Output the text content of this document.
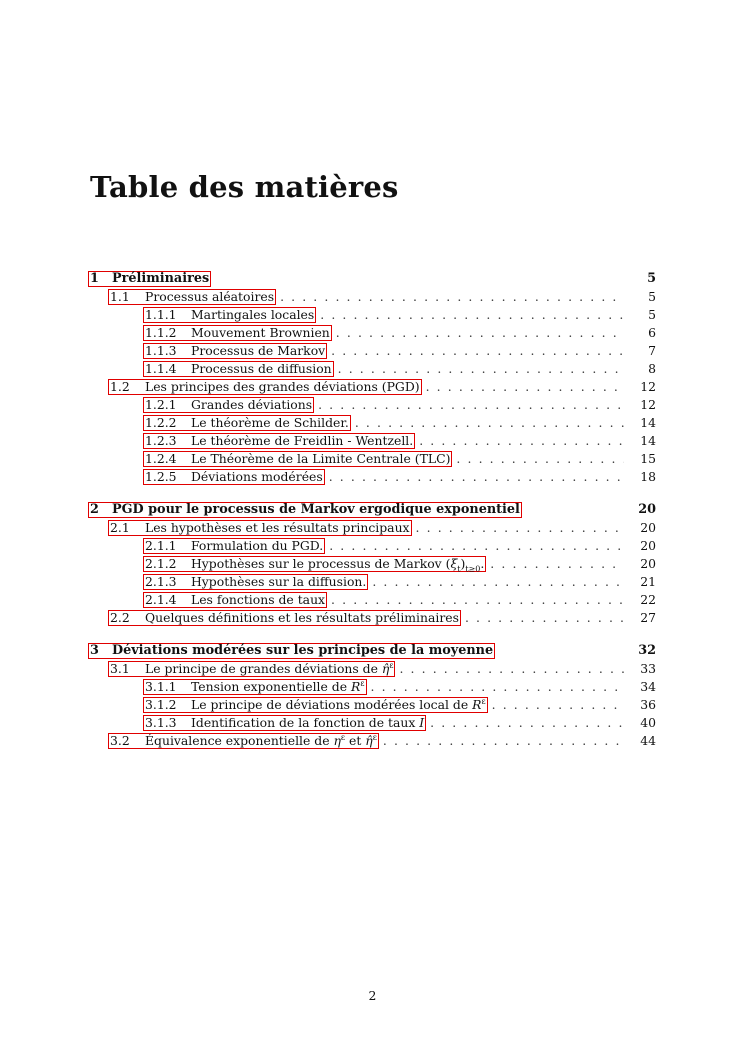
Table des matières
1	Préliminaires	5
1.1	Processus aléatoires . . .	5
1.1.1	Martingales locales . . .	5
1.1.2	Mouvement Brownien . . .	6
1.1.3	Processus de Markov . . .	7
1.1.4	Processus de diffusion . . .	8
1.2	Les principes des grandes déviations (PGD) . . .	12
1.2.1	Grandes déviations . . .	12
1.2.2	Le théorème de Schilder. . . .	14
1.2.3	Le théorème de Freidlin - Wentzell. . . .	14
1.2.4	Le Théorème de la Limite Centrale (TLC) . . .	15
1.2.5	Déviations modérées . . .	18
2	PGD pour le processus de Markov ergodique exponentiel	20
2.1	Les hypothèses et les résultats principaux . . .	20
2.1.1	Formulation du PGD. . . .	20
2.1.2	Hypothèses sur le processus de Markov $(\xi_t)_{t\ge 0}$. . . .	20
2.1.3	Hypothèses sur la diffusion. . . .	21
2.1.4	Les fonctions de taux . . .	22
2.2	Quelques définitions et les résultats préliminaires . . .	27
3	Déviations modérées sur les principes de la moyenne	32
3.1	Le principe de grandes déviations de η̂$^\varepsilon$ . . .	33
3.1.1	Tension exponentielle de $R^\varepsilon$ . . .	34
3.1.2	Le principe de déviations modérées local de $R^\varepsilon$ . . .	36
3.1.3	Identification de la fonction de taux I . . .	40
3.2	Équivalence exponentielle de $\eta^\varepsilon$ et η̂$^\varepsilon$ . . .	44
2
